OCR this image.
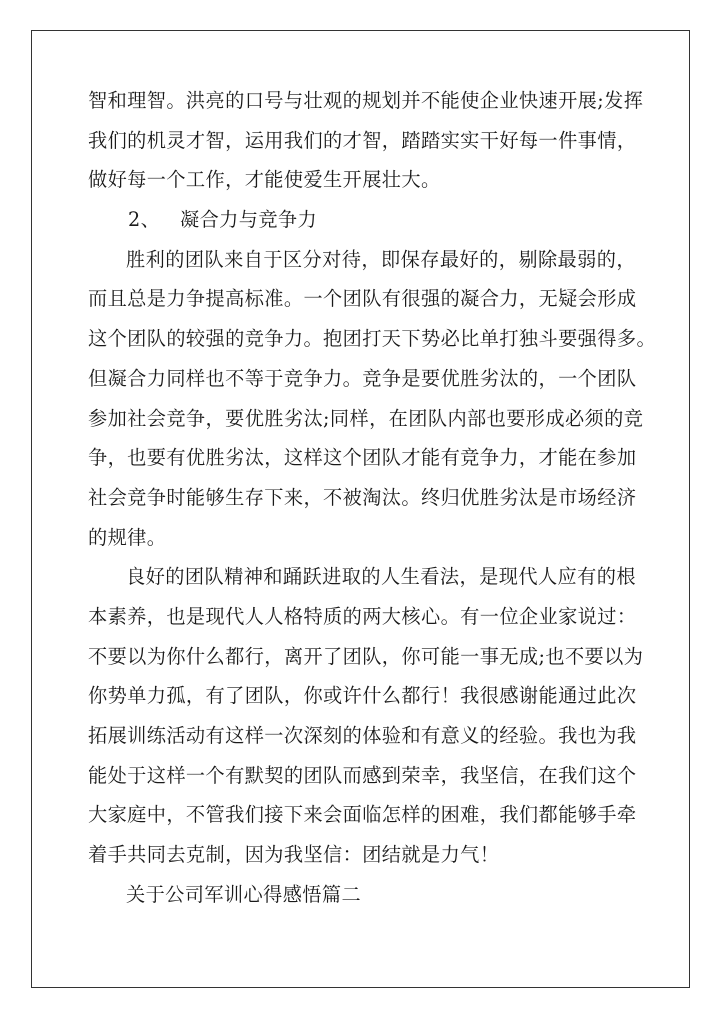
智和理智。洪亮的口号与壮观的规划并不能使企业快速开展;发挥
我们的机灵才智，运用我们的才智，踏踏实实干好每一件事情，
做好每一个工作，才能使爱生开展壮大。
2、 凝合力与竞争力
胜利的团队来自于区分对待，即保存最好的，剔除最弱的，
而且总是力争提高标准。一个团队有很强的凝合力，无疑会形成
这个团队的较强的竞争力。抱团打天下势必比单打独斗要强得多。
但凝合力同样也不等于竞争力。竞争是要优胜劣汰的，一个团队
参加社会竞争，要优胜劣汰;同样，在团队内部也要形成必须的竞
争，也要有优胜劣汰，这样这个团队才能有竞争力，才能在参加
社会竞争时能够生存下来，不被淘汰。终归优胜劣汰是市场经济
的规律。
良好的团队精神和踊跃进取的人生看法，是现代人应有的根
本素养，也是现代人人格特质的两大核心。有一位企业家说过：
不要以为你什么都行，离开了团队，你可能一事无成;也不要以为
你势单力孤，有了团队，你或许什么都行！我很感谢能通过此次
拓展训练活动有这样一次深刻的体验和有意义的经验。我也为我
能处于这样一个有默契的团队而感到荣幸，我坚信，在我们这个
大家庭中，不管我们接下来会面临怎样的困难，我们都能够手牵
着手共同去克制，因为我坚信：团结就是力气！
关于公司军训心得感悟篇二
